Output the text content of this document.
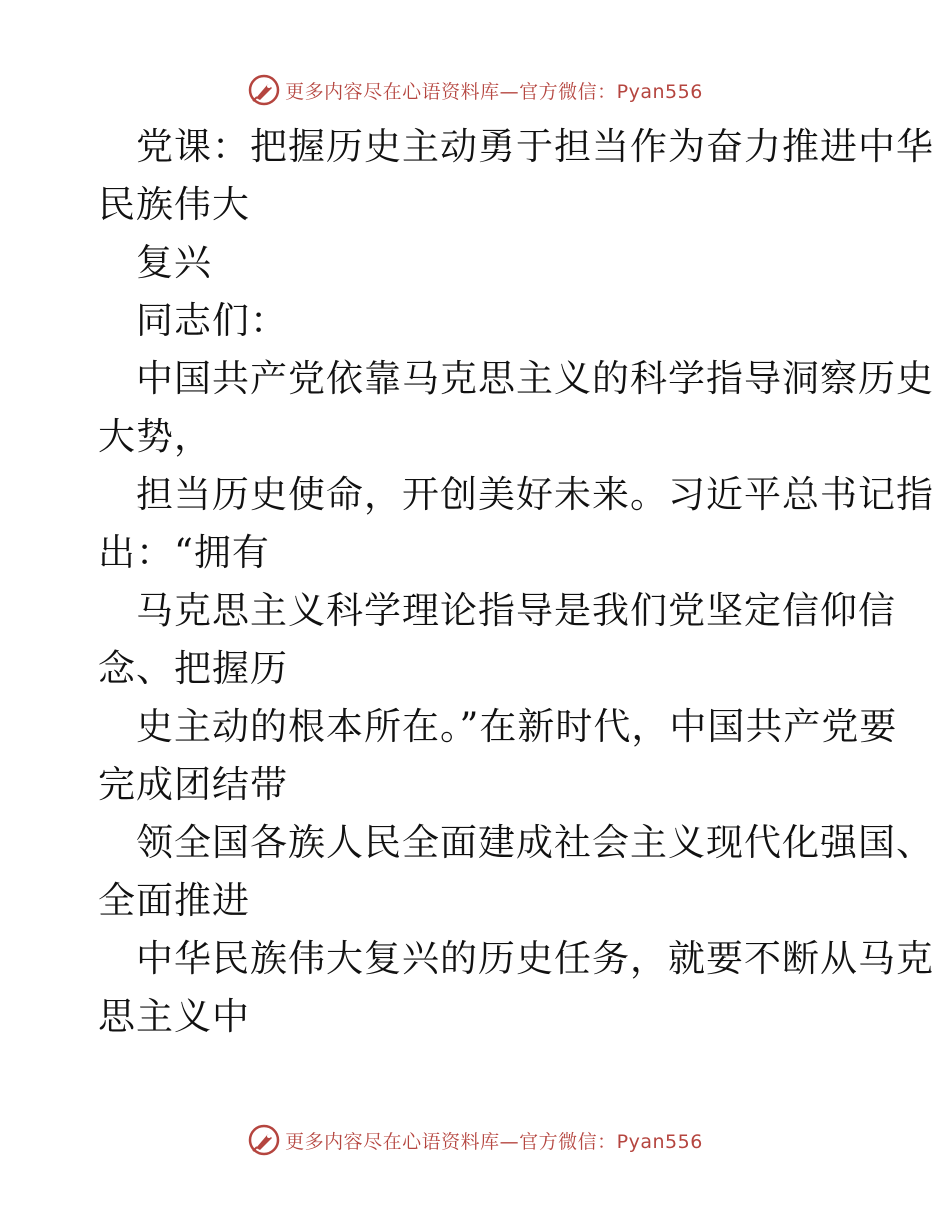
更多内容尽在心语资料库—官方微信：Pyan556
党课：把握历史主动勇于担当作为奋力推进中华
民族伟大
复兴
同志们：
中国共产党依靠马克思主义的科学指导洞察历史
大势，
担当历史使命，开创美好未来。习近平总书记指
出：“拥有
马克思主义科学理论指导是我们党坚定信仰信
念、把握历
史主动的根本所在。”在新时代，中国共产党要
完成团结带
领全国各族人民全面建成社会主义现代化强国、
全面推进
中华民族伟大复兴的历史任务，就要不断从马克
思主义中
更多内容尽在心语资料库—官方微信：Pyan556
